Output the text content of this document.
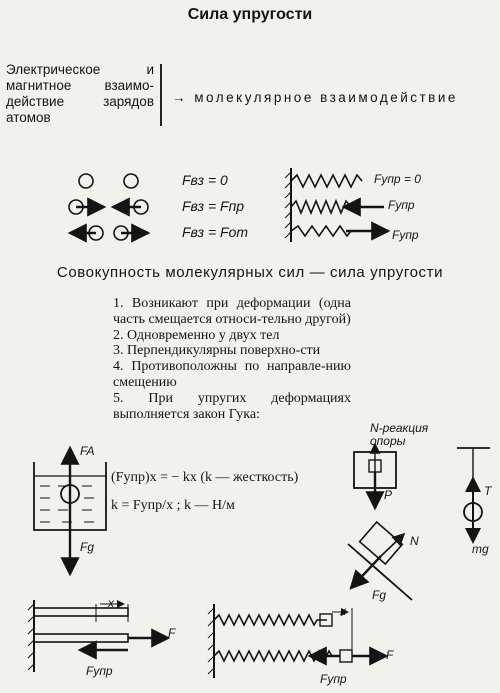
Сила упругости
Электрическое и магнитное взаимо-действие зарядов атомов
→ молекулярное взаимодействие
Fвз = 0
Fвз = Fпр
Fвз = Fот
Fупр = 0
Fупр
Fупр
Совокупность молекулярных сил — сила упругости
1. Возникают при деформации (одна часть смещается относи-тельно другой)
2. Одновременно у двух тел
3. Перпендикулярны поверхно-сти
4. Противоположны по направле-нию смещению
5. При упругих деформациях выполняется закон Гука:
(Fупр)x = − kx (k — жесткость)
k = Fупр/x ; k — Н/м
FA
Fg
N-реакция опоры
P	T
mg
N
Fg
x
F
Fупр
x
F
Fупр
